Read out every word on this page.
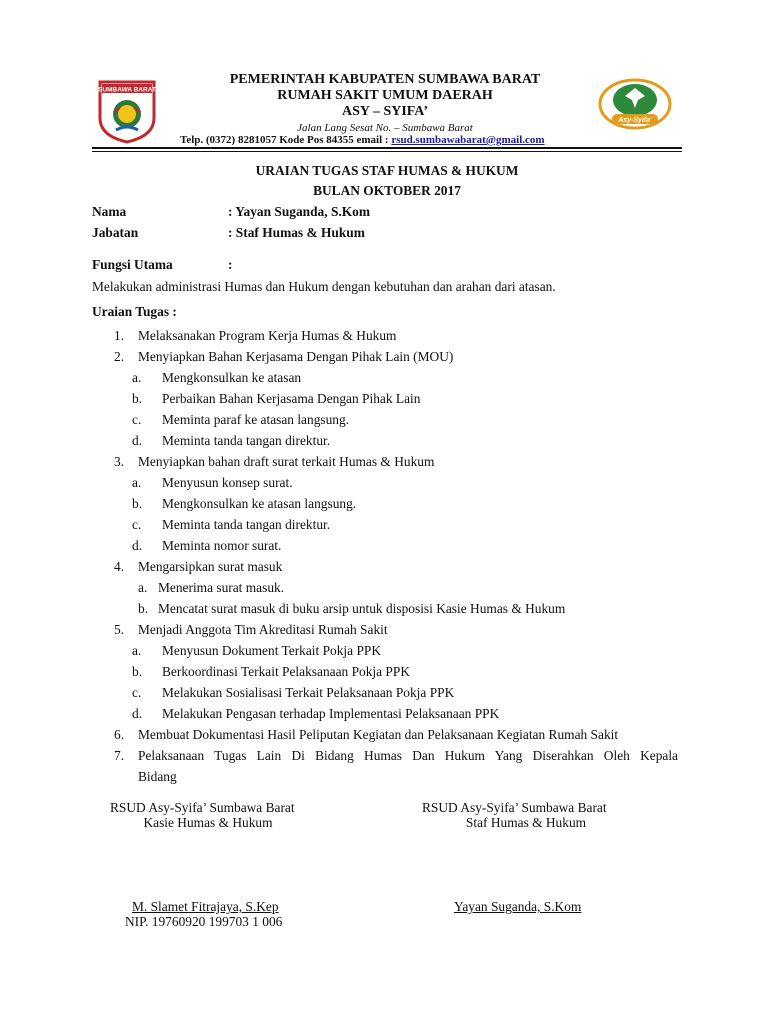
SUMBAWA BARAT
Asy-Syifa'
PEMERINTAH KABUPATEN SUMBAWA BARAT
RUMAH SAKIT UMUM DAERAH
ASY – SYIFA’
Jalan Lang Sesat No. – Sumbawa Barat
Telp. (0372) 8281057 Kode Pos 84355 email : rsud.sumbawabarat@gmail.com
URAIAN TUGAS STAF HUMAS & HUKUM
BULAN OKTOBER 2017
Nama	: Yayan Suganda, S.Kom
Jabatan	: Staf Humas & Hukum
Fungsi Utama	:
Melakukan administrasi Humas dan Hukum dengan kebutuhan dan arahan dari atasan.
Uraian Tugas :
1. Melaksanakan Program Kerja Humas & Hukum
2. Menyiapkan Bahan Kerjasama Dengan Pihak Lain (MOU)
a. Mengkonsulkan ke atasan
b. Perbaikan Bahan Kerjasama Dengan Pihak Lain
c. Meminta paraf ke atasan langsung.
d. Meminta tanda tangan direktur.
3. Menyiapkan bahan draft surat terkait Humas & Hukum
a. Menyusun konsep surat.
b. Mengkonsulkan ke atasan langsung.
c. Meminta tanda tangan direktur.
d. Meminta nomor surat.
4. Mengarsipkan surat masuk
a. Menerima surat masuk.
b. Mencatat surat masuk di buku arsip untuk disposisi Kasie Humas & Hukum
5. Menjadi Anggota Tim Akreditasi Rumah Sakit
a. Menyusun Dokument Terkait Pokja PPK
b. Berkoordinasi Terkait Pelaksanaan Pokja PPK
c. Melakukan Sosialisasi Terkait Pelaksanaan Pokja PPK
d. Melakukan Pengasan terhadap Implementasi Pelaksanaan PPK
6. Membuat Dokumentasi Hasil Peliputan Kegiatan dan Pelaksanaan Kegiatan Rumah Sakit
7.	Pelaksanaan Tugas Lain Di Bidang Humas Dan Hukum Yang Diserahkan Oleh Kepala
Bidang
RSUD Asy-Syifa’ Sumbawa Barat
Kasie Humas & Hukum
RSUD Asy-Syifa’ Sumbawa Barat
Staf Humas & Hukum
M. Slamet Fitrajaya, S.Kep
NIP. 19760920 199703 1 006
Yayan Suganda, S.Kom
